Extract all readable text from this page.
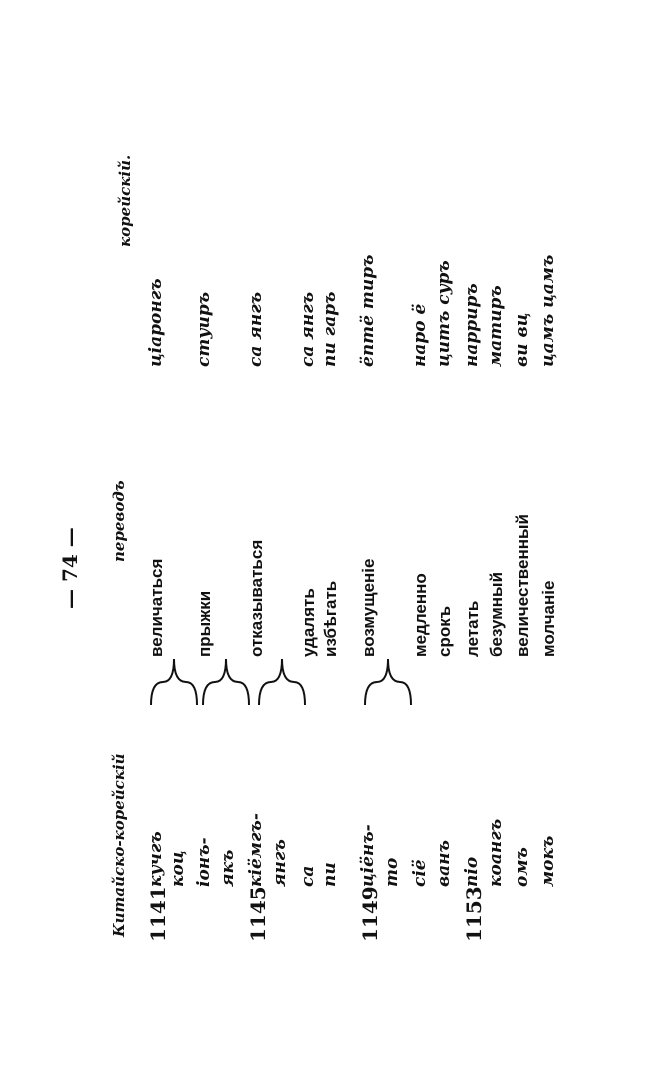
— 74 —
Китайско-корейскій
переводъ
корейскій.
1141
кучгъ
величаться
цiаронгъ
коц іонъ-
прыжки
стуиръ
якъ
1145
кіёмгъ-
отказываться
са янгъ
янгъ са
удалять
са янгъ
пи
избѣгать
пи гаръ
1149
цiёнъ-
возмущеніе
ёптё тиръ
то сiё
медленно
наро ё
ванъ
срокъ
цитъ сyръ
1153
пiо
летать
нарриръ
коангъ
безумный
матиръ
омъ
величественный
ви вц
мокъ
молчаніе
цамъ цамъ
